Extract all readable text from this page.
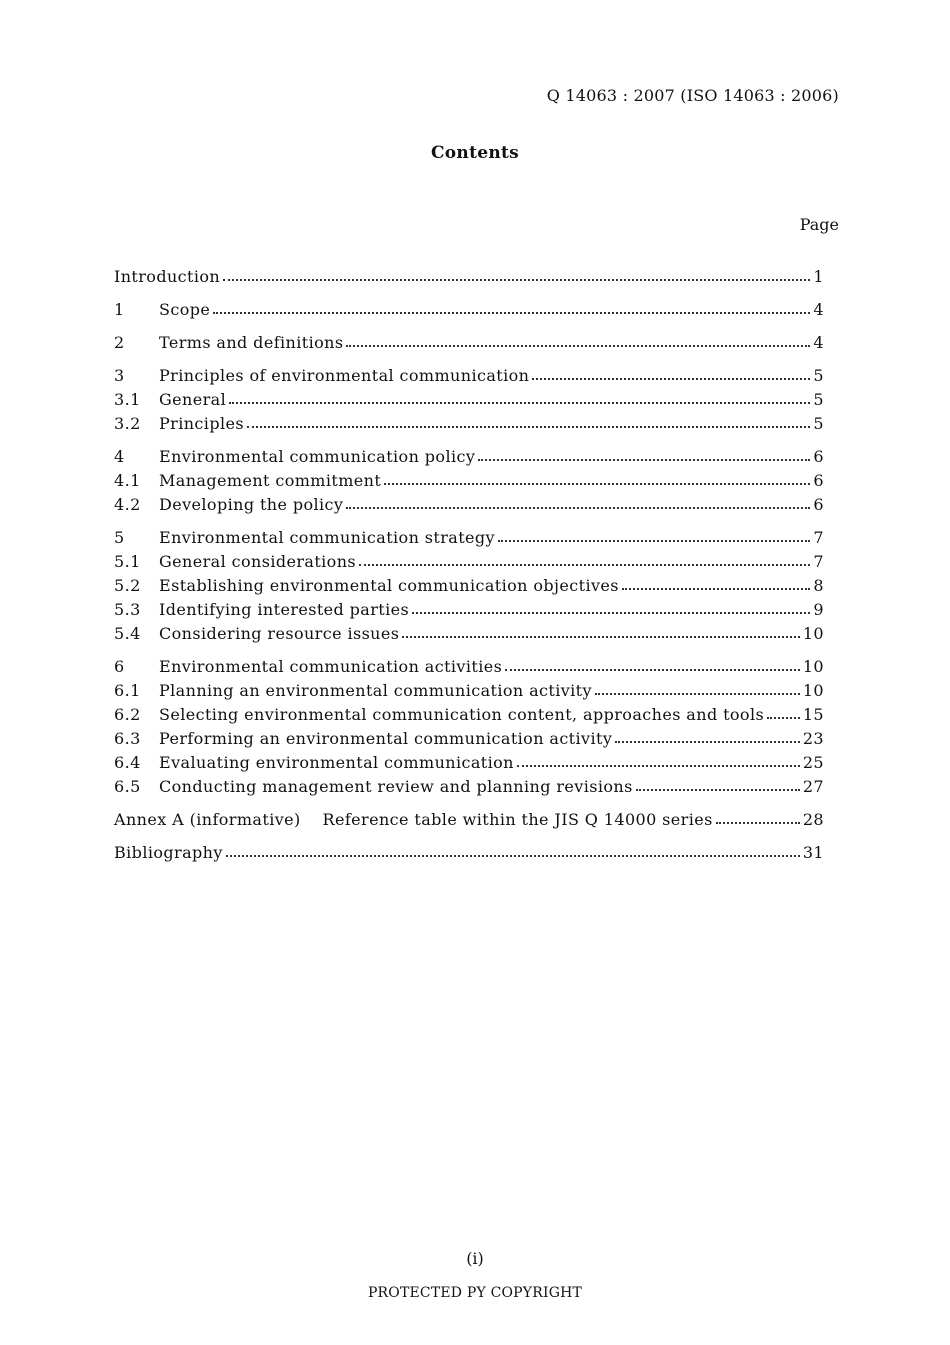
Q 14063 : 2007 (ISO 14063 : 2006)
Contents
Page
Introduction	1
1	Scope	4
2	Terms and definitions	4
3	Principles of environmental communication	5
3.1	General	5
3.2	Principles	5
4	Environmental communication policy	6
4.1	Management commitment	6
4.2	Developing the policy	6
5	Environmental communication strategy	7
5.1	General considerations	7
5.2	Establishing environmental communication objectives	8
5.3	Identifying interested parties	9
5.4	Considering resource issues	10
6	Environmental communication activities	10
6.1	Planning an environmental communication activity	10
6.2	Selecting environmental communication content, approaches and tools 15
6.3	Performing an environmental communication activity	23
6.4	Evaluating environmental communication	25
6.5	Conducting management review and planning revisions	27
Annex A (informative)  Reference table within the JIS Q 14000 series	28
Bibliography	31
(i)
PROTECTED PY COPYRIGHT
